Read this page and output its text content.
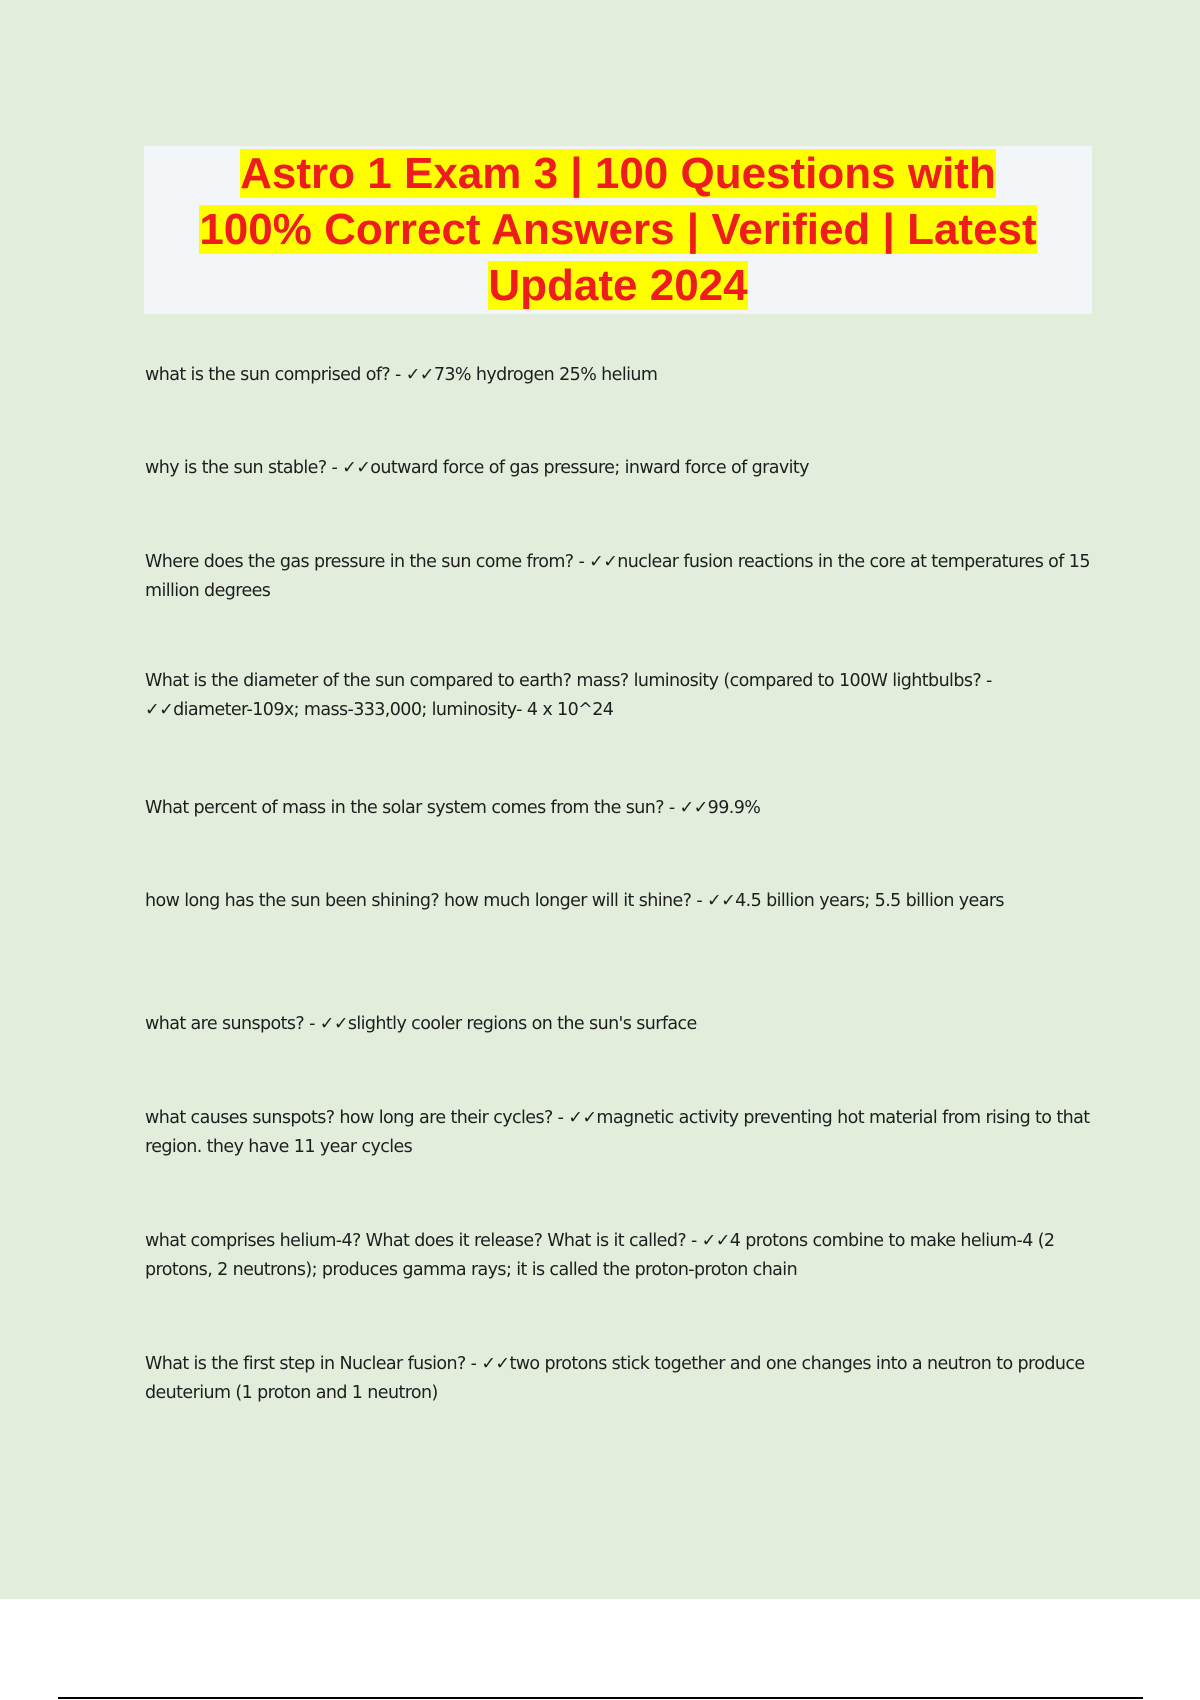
Astro 1 Exam 3 | 100 Questions with
100% Correct Answers | Verified | Latest
Update 2024

what is the sun comprised of? - ✓✓73% hydrogen 25% helium

why is the sun stable? - ✓✓outward force of gas pressure; inward force of gravity

Where does the gas pressure in the sun come from? - ✓✓nuclear fusion reactions in the core at temperatures of 15 million degrees

What is the diameter of the sun compared to earth? mass? luminosity (compared to 100W lightbulbs? - ✓✓diameter-109x; mass-333,000; luminosity- 4 x 10^24

What percent of mass in the solar system comes from the sun? - ✓✓99.9%

how long has the sun been shining? how much longer will it shine? - ✓✓4.5 billion years; 5.5 billion years

what are sunspots? - ✓✓slightly cooler regions on the sun's surface

what causes sunspots? how long are their cycles? - ✓✓magnetic activity preventing hot material from rising to that region. they have 11 year cycles

what comprises helium-4? What does it release? What is it called? - ✓✓4 protons combine to make helium-4 (2 protons, 2 neutrons); produces gamma rays; it is called the proton-proton chain

What is the first step in Nuclear fusion? - ✓✓two protons stick together and one changes into a neutron to produce deuterium (1 proton and 1 neutron)
